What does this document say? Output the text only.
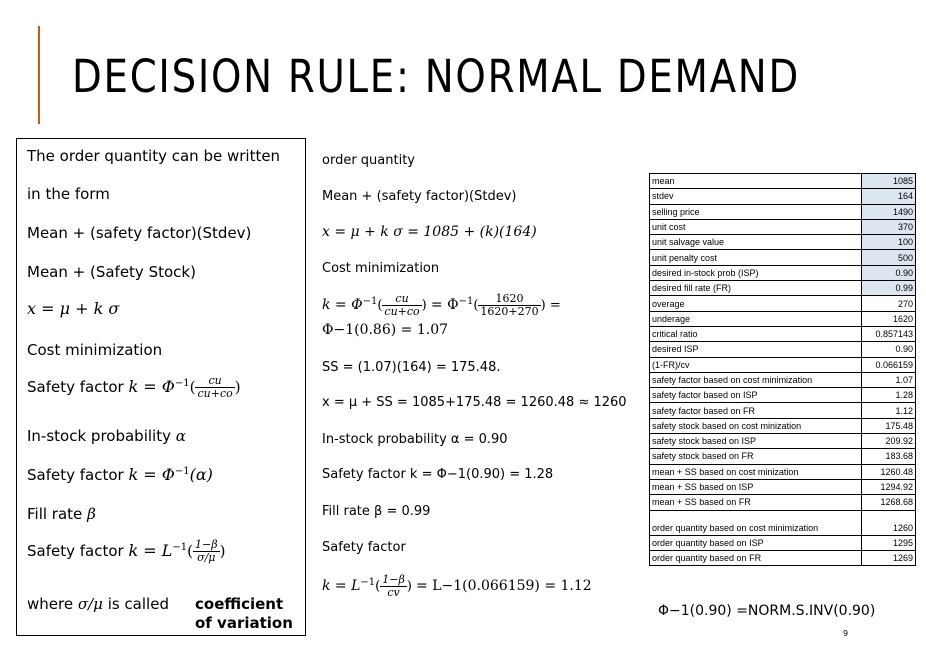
DECISION RULE: NORMAL DEMAND
The order quantity can be written
in the form
Mean + (safety factor)(Stdev)
Mean + (Safety Stock)
x = μ + k σ
Cost minimization
Safety factor $k = \Phi^{-1}( \frac{cu}{cu+co}$ )
In-stock probability α
Safety factor $k = \Phi^{-1}(\alpha)$
Fill rate β
Safety factor $k = L^{-1}( \frac{1-\beta}{\sigma/\mu}$ )
where σ/μ is called coefficient of variation
order quantity
Mean + (safety factor)(Stdev)
x = μ + k σ = 1085 + (k)(164)
Cost minimization
$k = \Phi^{-1}( \frac{cu}{cu+co}$ ) = $\Phi^{-1}( \frac{1620}{1620+270}$ ) =
Φ−1(0.86) = 1.07
SS = (1.07)(164) = 175.48.
x = μ + SS = 1085+175.48 = 1260.48 ≈ 1260
In-stock probability α = 0.90
Safety factor k = Φ−1(0.90) = 1.28
Fill rate β = 0.99
Safety factor
$k = L^{-1}( \frac{1-\beta}{cv}$ ) = L−1(0.066159) = 1.12
mean	1085
stdev	164
selling price	1490
unit cost	370
unit salvage value	100
unit penalty cost	500
desired in-stock prob (ISP)	0.90
desired fill rate (FR)	0.99
overage	270
underage	1620
critical ratio	0.857143
desired ISP	0.90
(1-FR)/cv	0.066159
safety factor based on cost minimization	1.07
safety factor based on ISP	1.28
safety factor based on FR	1.12
safety stock based on cost minization	175.48
safety stock based on ISP	209.92
safety stock based on FR	183.68
mean + SS based on cost minization	1260.48
mean + SS based on ISP	1294.92
mean + SS based on FR	1268.68
order quantity based on cost minimization	1260
order quantity based on ISP	1295
order quantity based on FR	1269
Φ−1(0.90) =NORM.S.INV(0.90)
9
